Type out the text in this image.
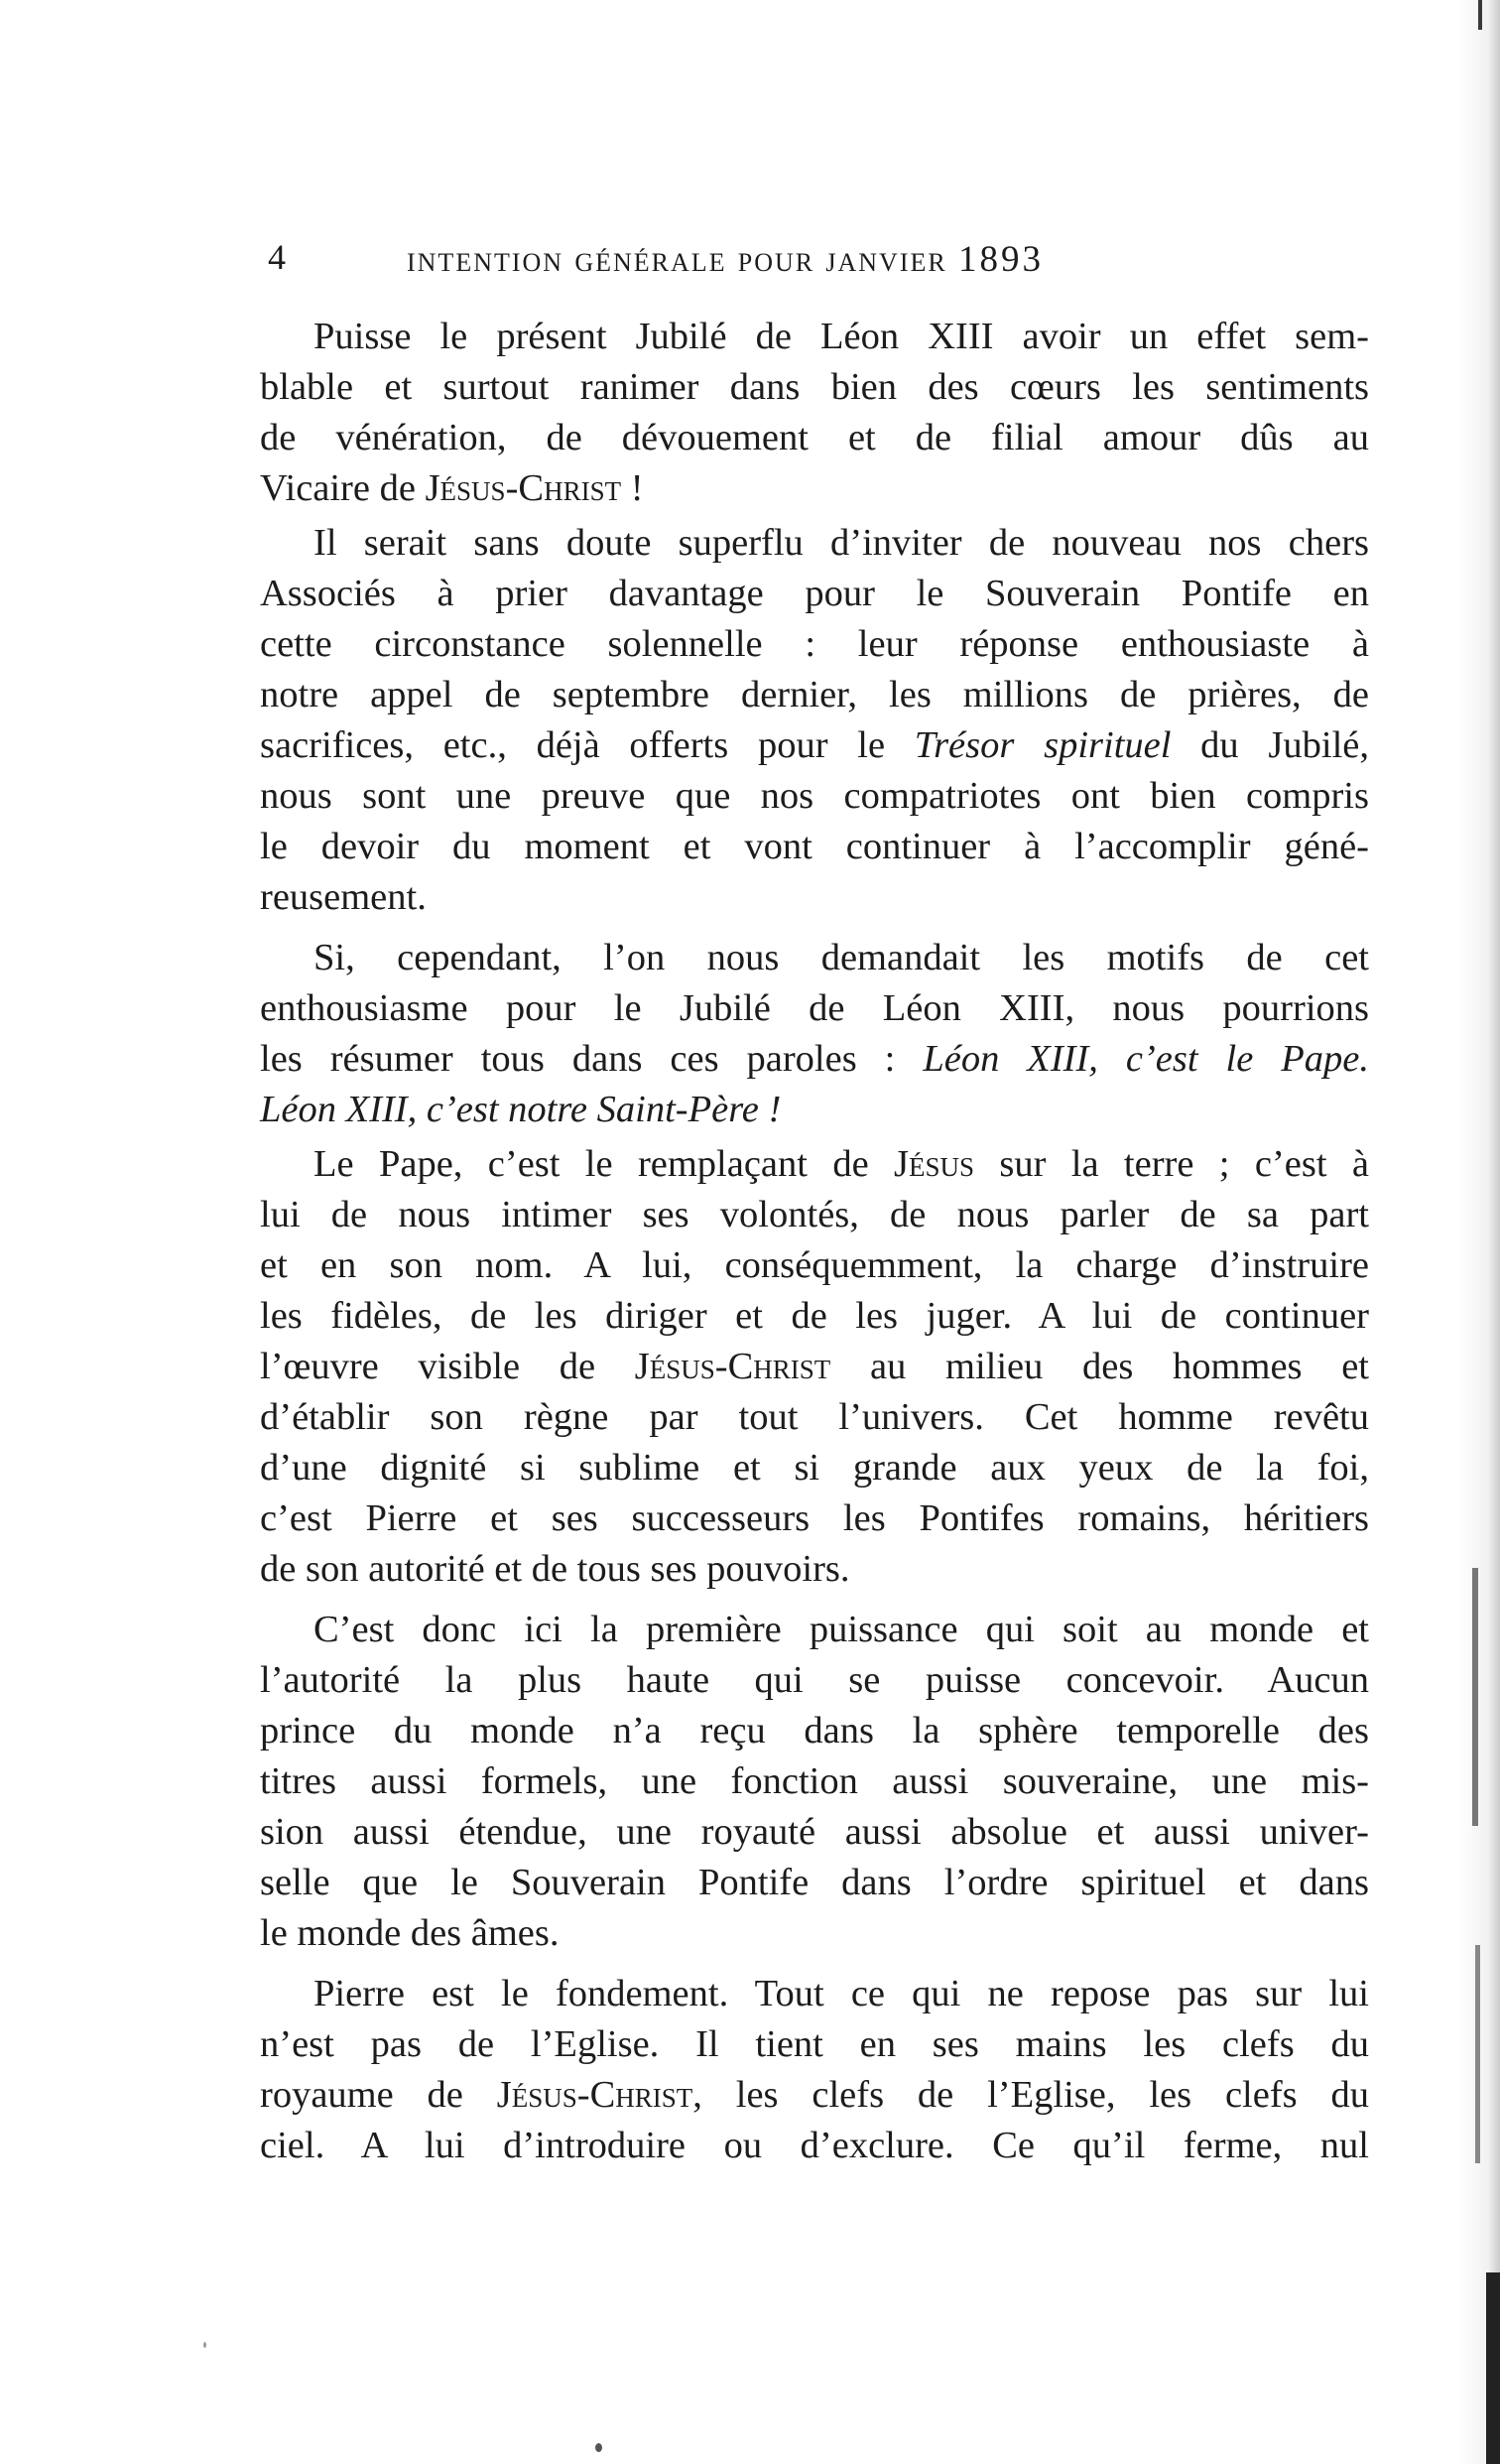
4	intention générale pour janvier 1893
Puisse le présent Jubilé de Léon XIII avoir un effet sem-
blable et surtout ranimer dans bien des cœurs les sentiments
de vénération, de dévouement et de filial amour dûs au
Vicaire de Jésus-Christ !
Il serait sans doute superflu d’inviter de nouveau nos chers
Associés à prier davantage pour le Souverain Pontife en
cette circonstance solennelle : leur réponse enthousiaste à
notre appel de septembre dernier, les millions de prières, de
sacrifices, etc., déjà offerts pour le Trésor spirituel du Jubilé,
nous sont une preuve que nos compatriotes ont bien compris
le devoir du moment et vont continuer à l’accomplir géné-
reusement.
Si, cependant, l’on nous demandait les motifs de cet
enthousiasme pour le Jubilé de Léon XIII, nous pourrions
les résumer tous dans ces paroles : Léon XIII, c’est le Pape.
Léon XIII, c’est notre Saint-Père !
Le Pape, c’est le remplaçant de Jésus sur la terre ; c’est à
lui de nous intimer ses volontés, de nous parler de sa part
et en son nom. A lui, conséquemment, la charge d’instruire
les fidèles, de les diriger et de les juger. A lui de continuer
l’œuvre visible de Jésus-Christ au milieu des hommes et
d’établir son règne par tout l’univers. Cet homme revêtu
d’une dignité si sublime et si grande aux yeux de la foi,
c’est Pierre et ses successeurs les Pontifes romains, héritiers
de son autorité et de tous ses pouvoirs.
C’est donc ici la première puissance qui soit au monde et
l’autorité la plus haute qui se puisse concevoir. Aucun
prince du monde n’a reçu dans la sphère temporelle des
titres aussi formels, une fonction aussi souveraine, une mis-
sion aussi étendue, une royauté aussi absolue et aussi univer-
selle que le Souverain Pontife dans l’ordre spirituel et dans
le monde des âmes.
Pierre est le fondement. Tout ce qui ne repose pas sur lui
n’est pas de l’Eglise. Il tient en ses mains les clefs du
royaume de Jésus-Christ, les clefs de l’Eglise, les clefs du
ciel. A lui d’introduire ou d’exclure. Ce qu’il ferme, nul
